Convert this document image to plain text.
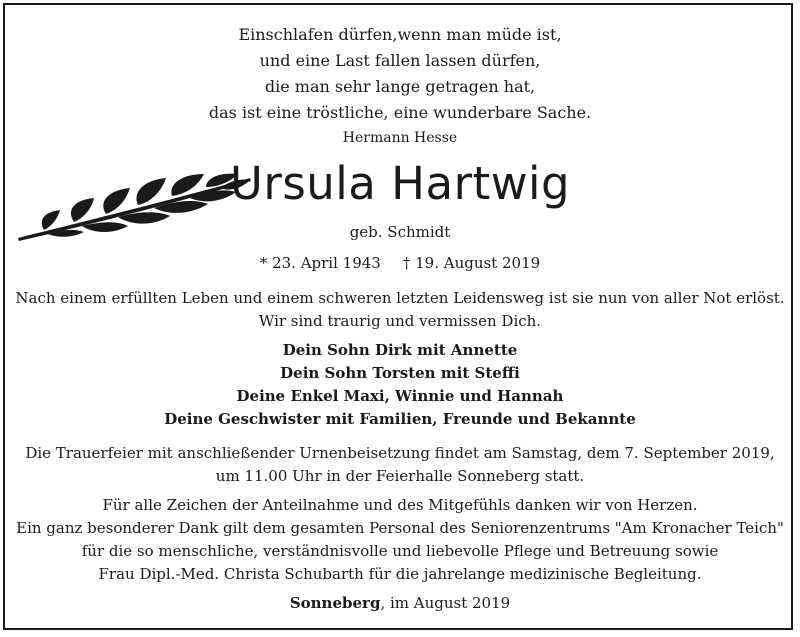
Einschlafen dürfen,wenn man müde ist,
und eine Last fallen lassen dürfen,
die man sehr lange getragen hat,
das ist eine tröstliche, eine wunderbare Sache.
Hermann Hesse
Ursula Hartwig
geb. Schmidt
* 23. April 1943 † 19. August 2019
Nach einem erfüllten Leben und einem schweren letzten Leidensweg ist sie nun von aller Not erlöst.
Wir sind traurig und vermissen Dich.
Dein Sohn Dirk mit Annette
Dein Sohn Torsten mit Steffi
Deine Enkel Maxi, Winnie und Hannah
Deine Geschwister mit Familien, Freunde und Bekannte
Die Trauerfeier mit anschließender Urnenbeisetzung findet am Samstag, dem 7. September 2019,
um 11.00 Uhr in der Feierhalle Sonneberg statt.
Für alle Zeichen der Anteilnahme und des Mitgefühls danken wir von Herzen.
Ein ganz besonderer Dank gilt dem gesamten Personal des Seniorenzentrums "Am Kronacher Teich"
für die so menschliche, verständnisvolle und liebevolle Pflege und Betreuung sowie
Frau Dipl.-Med. Christa Schubarth für die jahrelange medizinische Begleitung.
Sonneberg, im August 2019
